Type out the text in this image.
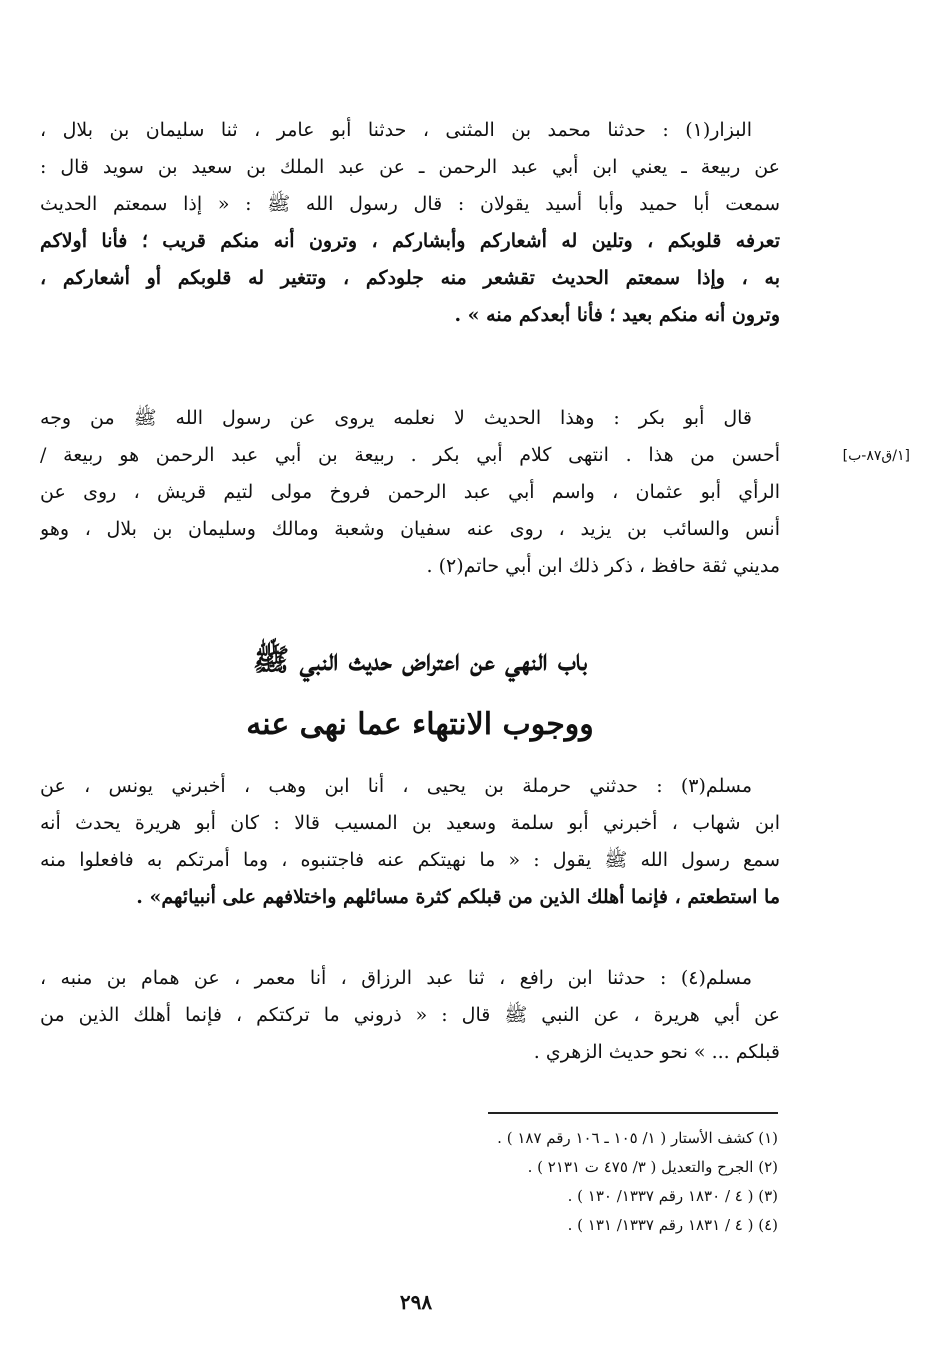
البزار(١) : حدثنا محمد بن المثنى ، حدثنا أبو عامر ، ثنا سليمان بن بلال ،
عن ربيعة ـ يعني ابن أبي عبد الرحمن ـ عن عبد الملك بن سعيد بن سويد قال :
سمعت أبا حميد وأبا أسيد يقولان : قال رسول الله ﷺ : « إذا سمعتم الحديث
تعرفه قلوبكم ، وتلين له أشعاركم وأبشاركم ، وترون أنه منكم قريب ؛ فأنا أولاكم
به ، وإذا سمعتم الحديث تقشعر منه جلودكم ، وتتغير له قلوبكم أو أشعاركم ،
وترون أنه منكم بعيد ؛ فأنا أبعدكم منه » .
قال أبو بكر : وهذا الحديث لا نعلمه يروى عن رسول الله ﷺ من وجه
أحسن من هذا . انتهى كلام أبي بكر . ربيعة بن أبي عبد الرحمن هو ربيعة /
الرأي أبو عثمان ، واسم أبي عبد الرحمن فروخ مولى لتيم قريش ، روى عن
أنس والسائب بن يزيد ، روى عنه سفيان وشعبة ومالك وسليمان بن بلال ، وهو
مديني ثقة حافظ ، ذكر ذلك ابن أبي حاتم(٢) .
[١/ق٨٧-ب]
باب النهي عن اعتراض حديث النبي ﷺ
ووجوب الانتهاء عما نهى عنه
مسلم(٣) : حدثني حرملة بن يحيى ، أنا ابن وهب ، أخبرني يونس ، عن
ابن شهاب ، أخبرني أبو سلمة وسعيد بن المسيب قالا : كان أبو هريرة يحدث أنه
سمع رسول الله ﷺ يقول : « ما نهيتكم عنه فاجتنبوه ، وما أمرتكم به فافعلوا منه
ما استطعتم ، فإنما أهلك الذين من قبلكم كثرة مسائلهم واختلافهم على أنبيائهم» .
مسلم(٤) : حدثنا ابن رافع ، ثنا عبد الرزاق ، أنا معمر ، عن همام بن منبه ،
عن أبي هريرة ، عن النبي ﷺ قال : « ذروني ما تركتكم ، فإنما أهلك الذين من
قبلكم ... » نحو حديث الزهري .
(١) كشف الأستار ( ١/ ١٠٥ ـ ١٠٦ رقم ١٨٧ ) .
(٢) الجرح والتعديل ( ٣/ ٤٧٥ ت ٢١٣١ ) .
(٣) ( ٤ / ١٨٣٠ رقم ١٣٣٧/ ١٣٠ ) .
(٤) ( ٤ / ١٨٣١ رقم ١٣٣٧/ ١٣١ ) .
٢٩٨
